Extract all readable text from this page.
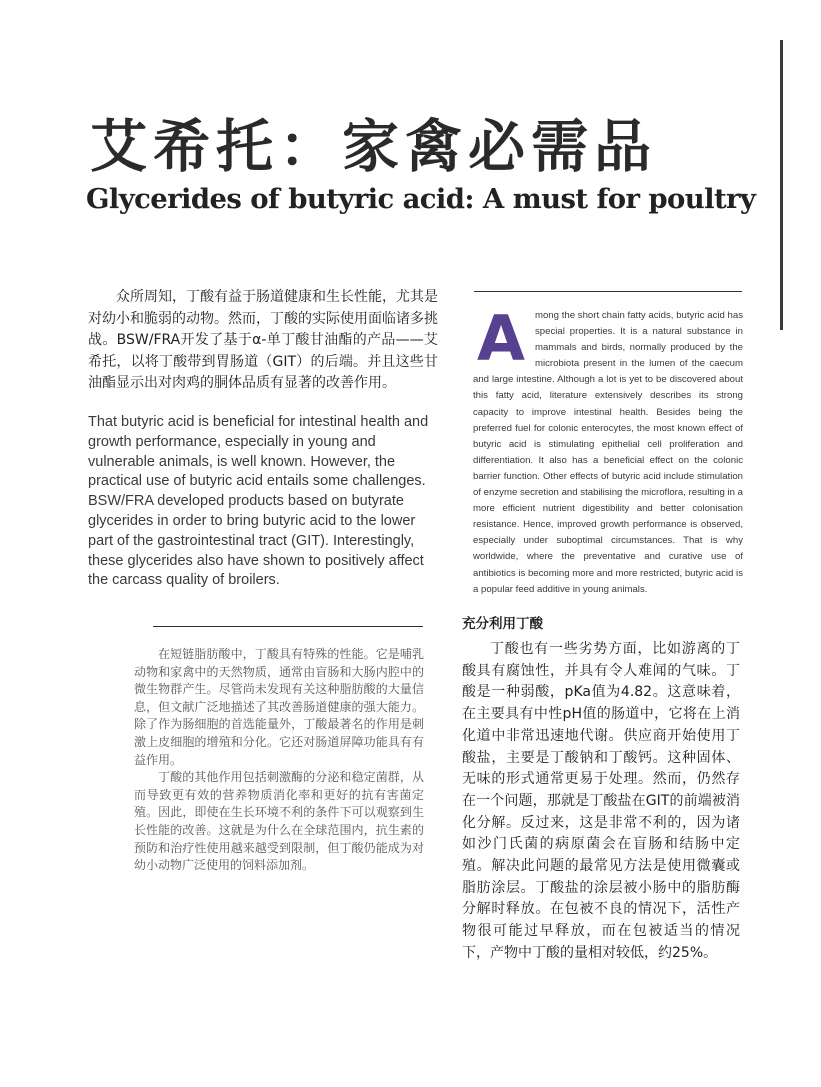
艾希托：家禽必需品
Glycerides of butyric acid: A must for poultry
众所周知，丁酸有益于肠道健康和生长性能，尤其是对幼小和脆弱的动物。然而，丁酸的实际使用面临诸多挑战。BSW/FRA开发了基于α-单丁酸甘油酯的产品——艾希托，以将丁酸带到胃肠道（GIT）的后端。并且这些甘油酯显示出对肉鸡的胴体品质有显著的改善作用。
That butyric acid is beneficial for intestinal health and growth performance, especially in young and vulnerable animals, is well known. However, the practical use of butyric acid entails some challenges. BSW/FRA developed products based on butyrate glycerides in order to bring butyric acid to the lower part of the gastrointestinal tract (GIT). Interestingly, these glycerides also have shown to positively affect the carcass quality of broilers.
A mong the short chain fatty acids, butyric acid has special properties. It is a natural substance in mammals and birds, normally produced by the microbiota present in the lumen of the caecum and large intestine. Although a lot is yet to be discovered about this fatty acid, literature extensively describes its strong capacity to improve intestinal health. Besides being the preferred fuel for colonic enterocytes, the most known effect of butyric acid is stimulating epithelial cell proliferation and differentiation. It also has a beneficial effect on the colonic barrier function. Other effects of butyric acid include stimulation of enzyme secretion and stabilising the microflora, resulting in a more efficient nutrient digestibility and better colonisation resistance. Hence, improved growth performance is observed, especially under suboptimal circumstances. That is why worldwide, where the preventative and curative use of antibiotics is becoming more and more restricted, butyric acid is a popular feed additive in young animals.

在短链脂肪酸中，丁酸具有特殊的性能。它是哺乳动物和家禽中的天然物质，通常由盲肠和大肠内腔中的微生物群产生。尽管尚未发现有关这种脂肪酸的大量信息，但文献广泛地描述了其改善肠道健康的强大能力。除了作为肠细胞的首选能量外，丁酸最著名的作用是刺激上皮细胞的增殖和分化。它还对肠道屏障功能具有有益作用。

丁酸的其他作用包括刺激酶的分泌和稳定菌群，从而导致更有效的营养物质消化率和更好的抗有害菌定殖。因此，即使在生长环境不利的条件下可以观察到生长性能的改善。这就是为什么在全球范围内，抗生素的预防和治疗性使用越来越受到限制，但丁酸仍能成为对幼小动物广泛使用的饲料添加剂。

充分利用丁酸
丁酸也有一些劣势方面，比如游离的丁酸具有腐蚀性，并具有令人难闻的气味。丁酸是一种弱酸，pKa值为4.82。这意味着，在主要具有中性pH值的肠道中，它将在上消化道中非常迅速地代谢。供应商开始使用丁酸盐，主要是丁酸钠和丁酸钙。这种固体、无味的形式通常更易于处理。然而，仍然存在一个问题，那就是丁酸盐在GIT的前端被消化分解。反过来，这是非常不利的，因为诸如沙门氏菌的病原菌会在盲肠和结肠中定殖。解决此问题的最常见方法是使用微囊或脂肪涂层。丁酸盐的涂层被小肠中的脂肪酶分解时释放。在包被不良的情况下，活性产物很可能过早释放，而在包被适当的情况下，产物中丁酸的量相对较低，约25%。
